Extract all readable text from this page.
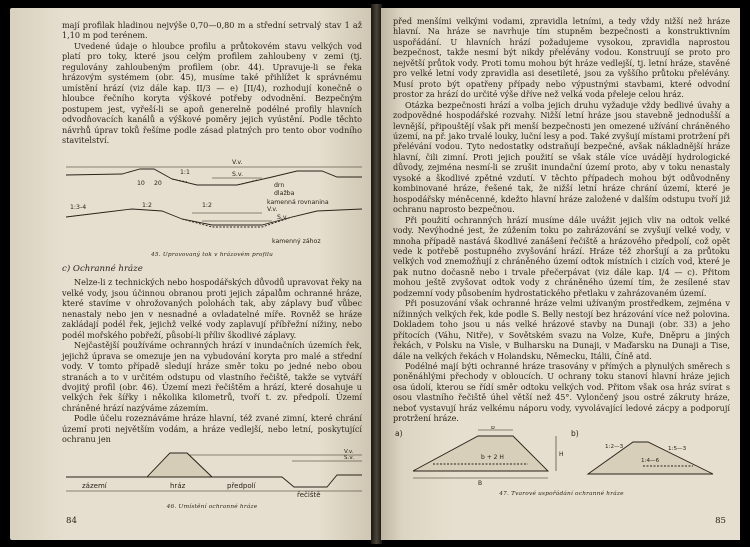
mají profilak hladinou nejvýše 0,70—0,80 m a střední setrvalý stav 1 až 1,10 m pod terénem.

Uvedené údaje o hloubce profilu a průtokovém stavu velkých vod platí pro toky, které jsou celým profilem zahloubeny v zemi (tj. regulovány zahloubeným profilem (obr. 44). Upravuje-li se řeka hrázovým systémem (obr. 45), musíme také přihlížet k správnému umístění hrází (viz dále kap. II/3 — e) [II/4), rozhodují konečně o hloubce řečního koryta výškové potřeby odvodnění. Bezpečným postupem jest, vyřeší-li se apoň generelně podélné profily hlavních odvodňovacích kanálů a výškové poměry jejich vyústění. Podle těchto návrhů úprav toků řešíme podle zásad platných pro tento obor vodního stavitelství.

V.v.
1:1	S.v.
10 20	drn
dlažba
kamenná rovnanina
1:3-4	1:2	1:2
V.v.
S.v.
kamenný zához
45. Upravovaný tok v hrázovém profilu
c) Ochranné hráze

Nelze-li z technických nebo hospodářských důvodů upravovat řeky na velké vody, jsou účinnou obranou proti jejich zápalům ochranné hráze, které stavíme v ohrožovaných polohách tak, aby záplavy buď vůbec nenastaly nebo jen v nesnadné a ovladatelné míře. Rovněž se hráze zakládají podél řek, jejichž velké vody zaplavují příbřežní nížiny, nebo podél mořského pobřeží, působí-li příliv škodlivé záplavy.

Nejčastější používáme ochranných hrází v inundačních územích řek, jejichž úprava se omezuje jen na vybudování koryta pro malé a střední vody. V tomto případě sledují hráze směr toku po jedné nebo obou stranách a to v určitém odstupu od vlastního řečiště, takže se vytváří dvojitý profil (obr. 46). Území mezi řečištěm a hrází, které dosahuje u velkých řek šířky i několika kilometrů, tvoří t. zv. předpolí. Území chráněné hrází nazýváme zázemím.

Podle účelu rozeznáváme hráze hlavní, též zvané zimní, které chrání území proti největším vodám, a hráze vedlejší, nebo letní, poskytující ochranu jen

zázemí	hráz	předpolí
řečiště
V.v.
S.v.
46. Umístění ochranné hráze
84

před menšími velkými vodami, zpravidla letními, a tedy vždy nižší než hráze hlavní. Na hráze se navrhuje tím stupněm bezpečnosti a konstruktivním uspořádání. U hlavních hrází požadujeme vysokou, zpravidla naprostou bezpečnost, takže nesmí být nikdy přelévány vodou. Konstruují se proto pro největší průtok vody. Proti tomu mohou být hráze vedlejší, tj. letní hráze, stavěné pro velké letní vody zpravidla asi desetileté, jsou za vyššího průtoku přelévány. Musí proto být opatřeny případy nebo výpustnými stavbami, které odvodní prostor za hrází do určité výše dříve než velká voda přeleje celou hráz.

Otázka bezpečnosti hrází a volba jejich druhu vyžaduje vždy bedlivé úvahy a zodpovědné hospodářské rozvahy. Nižší letní hráze jsou stavebně jednodušší a levnější, připouštějí však při menší bezpečnosti jen omezené užívání chráněného území, na př. jako trvalé louky, luční lesy a pod. Také zvyšují místami protržení při přelévání vodou. Tyto nedostatky odstraňují bezpečné, avšak nákladnější hráze hlavní, čili zimní. Proti jejich použití se však stále více uvádějí hydrologické důvody, zejména nesmí-li se zrušit inundační území proto, aby v toku nenastaly vysoké a škodlivé zpětné vzdutí. V těchto případech mohou být odůvodněny kombinované hráze, řešené tak, že nižší letní hráze chrání území, které je hospodářsky méněcenné, kdežto hlavní hráze založené v dalším odstupu tvoří již ochranu naprosto bezpečnou.

Při použití ochranných hrází musíme dále uvážit jejich vliv na odtok velké vody. Nevýhodné jest, že zúžením toku po zahrázování se zvyšují velké vody, v mnoha případě nastává škodlivé zanášení řečiště a hrázového předpolí, což opět vede k potřebě postupného zvyšování hrází. Hráze též zhoršují a za průtoku velkých vod znemožňují z chráněného území odtok místních i cizích vod, které je pak nutno dočasně nebo i trvale přečerpávat (viz dále kap. I/4 — c). Přitom mohou ještě zvyšovat odtok vody z chráněného území tím, že zesílené stav podzemní vody působením hydrostatického přetlaku v zahrázovaném území.

Při posuzování však ochranné hráze velmi užívaným prostředkem, zejména v nížinných velkých řek, kde podle S. Belly nestojí bez hrázování více než polovina. Dokladem toho jsou u nás velké hrázové stavby na Dunaji (obr. 33) a jeho přítocích (Váhu, Nitře), v Sovětském svazu na Volze, Kuře, Dněpru a jiných řekách, v Polsku na Visle, v Bulharsku na Dunaji, v Maďarsku na Dunaji a Tise, dále na velkých řekách v Holandsku, Německu, Itálii, Číně atd.

Podélné mají býti ochranné hráze trasovány v přímých a plynulých směrech s poněnáhlými přechody v obloucích. U ochrany toku stanoví hlavní hráze jejich osa údolí, kterou se řídí směr odtoku velkých vod. Přitom však osa hráz svírat s osou vlastního řečiště úhel větší než 45°. Vylončený jsou ostré zákruty hráze, neboť vystavují hráz velkému náporu vody, vyvolávající ledové zácpy a podporují protržení hráze.

a)
b
b + 2 H	H
B
b)
1:2—3	1:5—3
1:4—6
47. Tvarové uspořádání ochranné hráze
85
